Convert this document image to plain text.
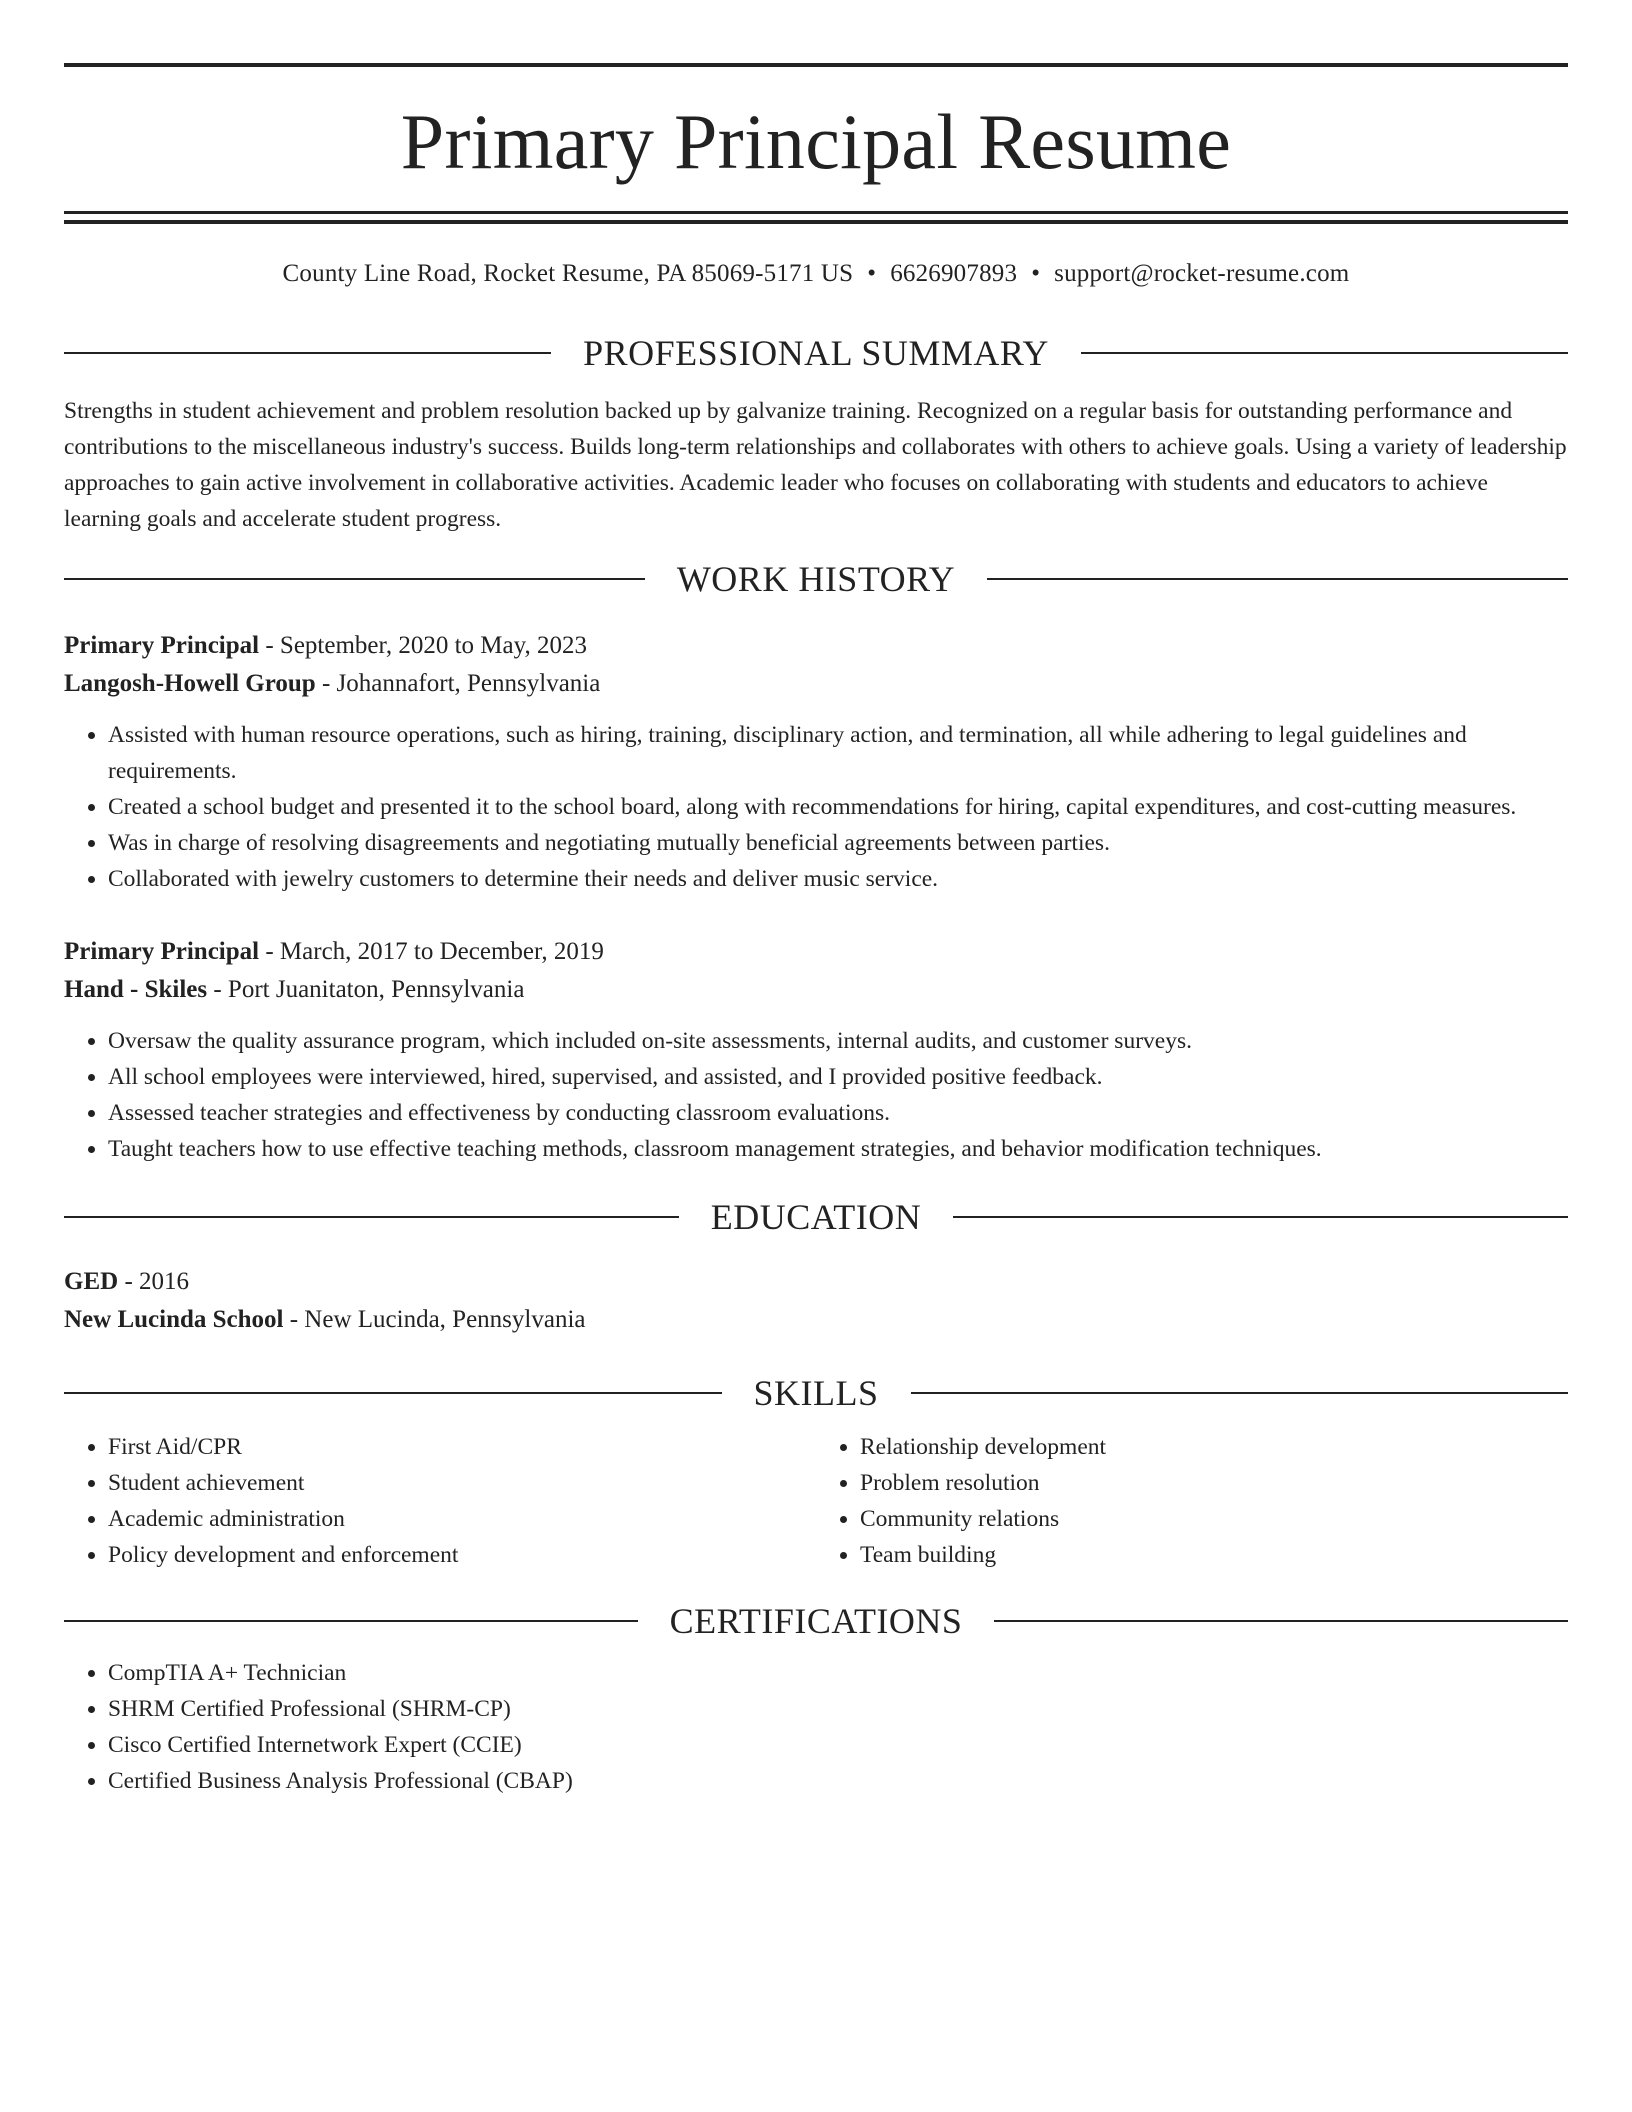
Primary Principal Resume
County Line Road, Rocket Resume, PA 85069-5171 US • 6626907893 • support@rocket-resume.com
PROFESSIONAL SUMMARY
Strengths in student achievement and problem resolution backed up by galvanize training. Recognized on a regular basis for outstanding performance and contributions to the miscellaneous industry's success. Builds long-term relationships and collaborates with others to achieve goals. Using a variety of leadership approaches to gain active involvement in collaborative activities. Academic leader who focuses on collaborating with students and educators to achieve learning goals and accelerate student progress.
WORK HISTORY
Primary Principal - September, 2020 to May, 2023
Langosh-Howell Group - Johannafort, Pennsylvania
• Assisted with human resource operations, such as hiring, training, disciplinary action, and termination, all while adhering to legal guidelines and requirements.
• Created a school budget and presented it to the school board, along with recommendations for hiring, capital expenditures, and cost-cutting measures.
• Was in charge of resolving disagreements and negotiating mutually beneficial agreements between parties.
• Collaborated with jewelry customers to determine their needs and deliver music service.
Primary Principal - March, 2017 to December, 2019
Hand - Skiles - Port Juanitaton, Pennsylvania
• Oversaw the quality assurance program, which included on-site assessments, internal audits, and customer surveys.
• All school employees were interviewed, hired, supervised, and assisted, and I provided positive feedback.
• Assessed teacher strategies and effectiveness by conducting classroom evaluations.
• Taught teachers how to use effective teaching methods, classroom management strategies, and behavior modification techniques.
EDUCATION
GED - 2016
New Lucinda School - New Lucinda, Pennsylvania
SKILLS
• First Aid/CPR
• Student achievement
• Academic administration
• Policy development and enforcement
• Relationship development
• Problem resolution
• Community relations
• Team building
CERTIFICATIONS
• CompTIA A+ Technician
• SHRM Certified Professional (SHRM-CP)
• Cisco Certified Internetwork Expert (CCIE)
• Certified Business Analysis Professional (CBAP)
